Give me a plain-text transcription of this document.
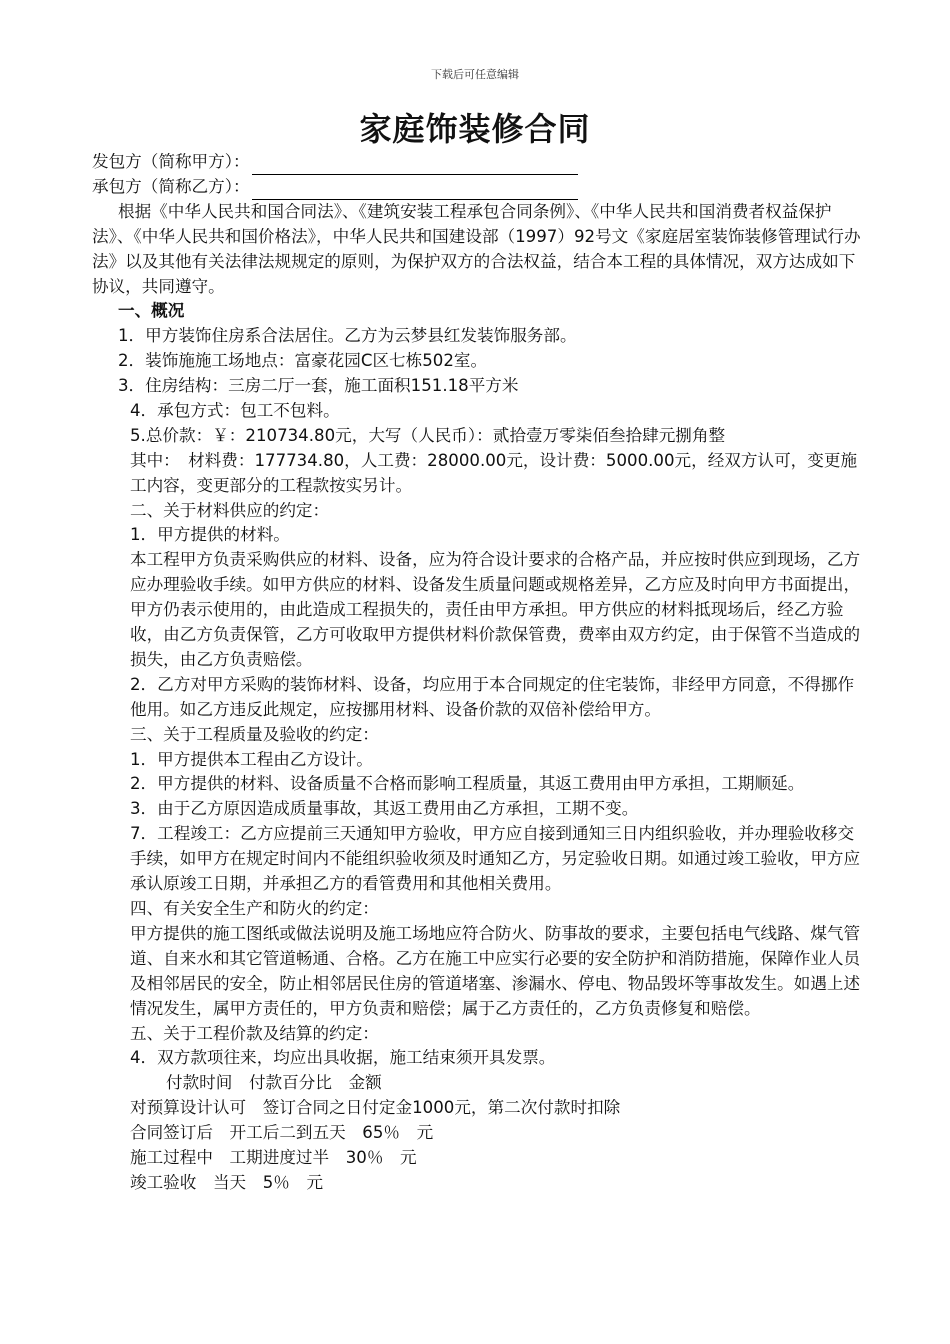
下载后可任意编辑
家庭饰装修合同
发包方（简称甲方）：
承包方（简称乙方）：
根据《中华人民共和国合同法》、《建筑安装工程承包合同条例》、《中华人民共和国消费者权益保护法》、《中华人民共和国价格法》，中华人民共和国建设部（1997）92号文《家庭居室装饰装修管理试行办法》以及其他有关法律法规规定的原则，为保护双方的合法权益，结合本工程的具体情况，双方达成如下协议，共同遵守。
一、概况
1．甲方装饰住房系合法居住。乙方为云梦县红发装饰服务部。
2．装饰施施工场地点：富豪花园C区七栋502室。
3．住房结构：三房二厅一套，施工面积151.18平方米
4．承包方式：包工不包料。
5.总价款：￥：210734.80元，大写（人民币）：贰拾壹万零柒佰叁拾肆元捌角整
其中：　材料费：177734.80，人工费：28000.00元，设计费：5000.00元，经双方认可，变更施工内容，变更部分的工程款按实另计。
二、关于材料供应的约定：
1．甲方提供的材料。
本工程甲方负责采购供应的材料、设备，应为符合设计要求的合格产品，并应按时供应到现场，乙方应办理验收手续。如甲方供应的材料、设备发生质量问题或规格差异，乙方应及时向甲方书面提出，甲方仍表示使用的，由此造成工程损失的，责任由甲方承担。甲方供应的材料抵现场后，经乙方验收，由乙方负责保管，乙方可收取甲方提供材料价款保管费，费率由双方约定，由于保管不当造成的损失，由乙方负责赔偿。
2．乙方对甲方采购的装饰材料、设备，均应用于本合同规定的住宅装饰，非经甲方同意，不得挪作他用。如乙方违反此规定，应按挪用材料、设备价款的双倍补偿给甲方。
三、关于工程质量及验收的约定：
1．甲方提供本工程由乙方设计。
2．甲方提供的材料、设备质量不合格而影响工程质量，其返工费用由甲方承担，工期顺延。
3．由于乙方原因造成质量事故，其返工费用由乙方承担，工期不变。
7．工程竣工：乙方应提前三天通知甲方验收，甲方应自接到通知三日内组织验收，并办理验收移交手续，如甲方在规定时间内不能组织验收须及时通知乙方，另定验收日期。如通过竣工验收，甲方应承认原竣工日期，并承担乙方的看管费用和其他相关费用。
四、有关安全生产和防火的约定：
甲方提供的施工图纸或做法说明及施工场地应符合防火、防事故的要求，主要包括电气线路、煤气管道、自来水和其它管道畅通、合格。乙方在施工中应实行必要的安全防护和消防措施，保障作业人员及相邻居民的安全，防止相邻居民住房的管道堵塞、渗漏水、停电、物品毁坏等事故发生。如遇上述情况发生，属甲方责任的，甲方负责和赔偿；属于乙方责任的，乙方负责修复和赔偿。
五、关于工程价款及结算的约定：
4．双方款项往来，均应出具收据，施工结束须开具发票。
付款时间　付款百分比　金额
对预算设计认可　签订合同之日付定金1000元，第二次付款时扣除
合同签订后　开工后二到五天　65％　元
施工过程中　工期进度过半　30％　元
竣工验收　当天　5％　元
